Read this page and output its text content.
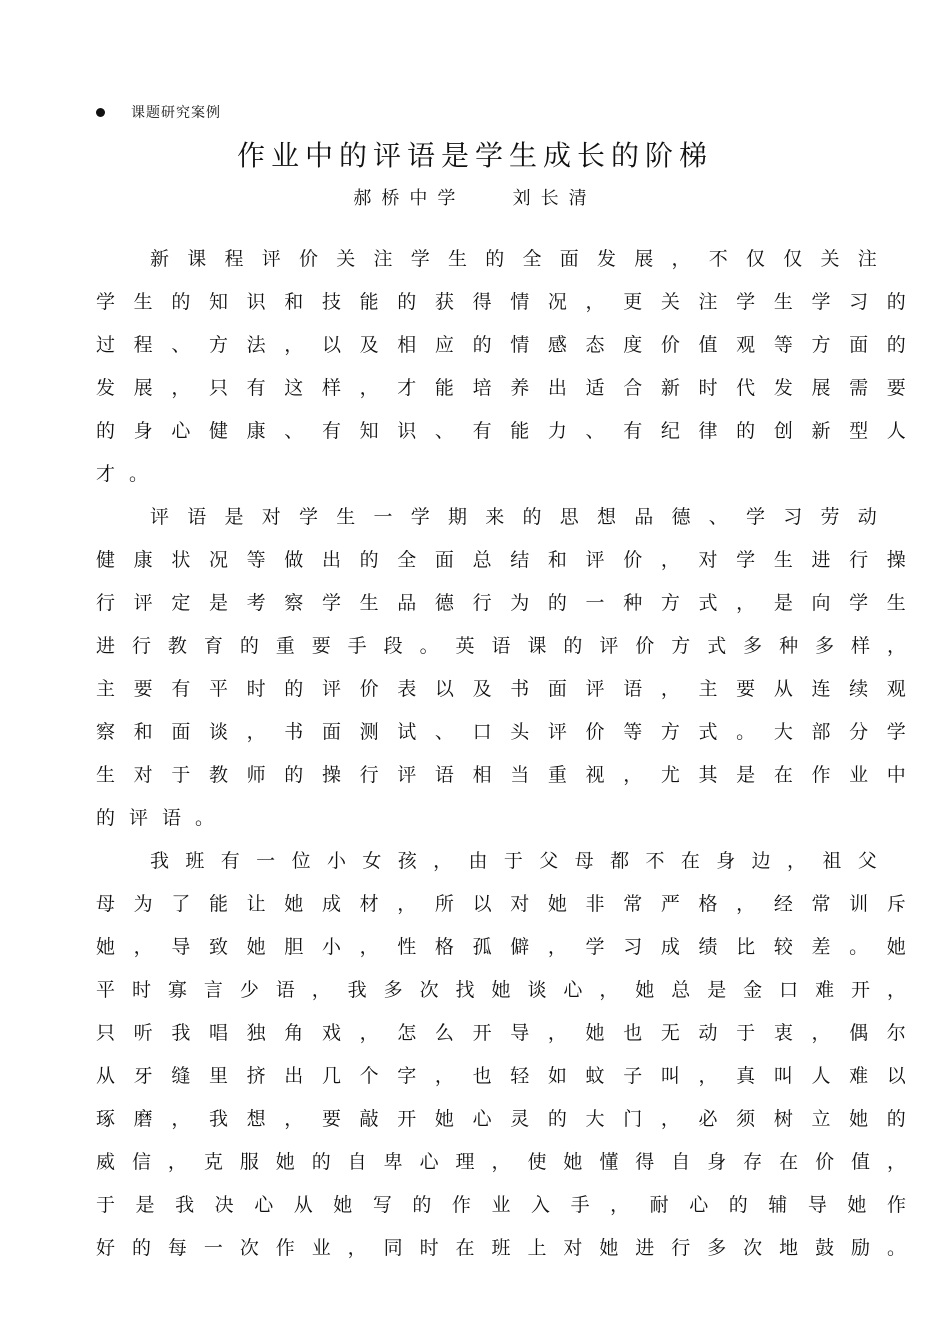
课题研究案例
作业中的评语是学生成长的阶梯
郝桥中学   刘长清
新 课 程 评 价 关 注 学 生 的 全 面 发 展 ， 不 仅 仅 关 注
学 生 的 知 识 和 技 能 的 获 得 情 况 ， 更 关 注 学 生 学 习 的
过 程 、 方 法 ， 以 及 相 应 的 情 感 态 度 价 值 观 等 方 面 的
发 展 ， 只 有 这 样 ， 才 能 培 养 出 适 合 新 时 代 发 展 需 要
的 身 心 健 康 、 有 知 识 、 有 能 力 、 有 纪 律 的 创 新 型 人
才 。
评 语 是 对 学 生 一 学 期 来 的 思 想 品 德 、 学 习 劳 动
健 康 状 况 等 做 出 的 全 面 总 结 和 评 价 ， 对 学 生 进 行 操
行 评 定 是 考 察 学 生 品 德 行 为 的 一 种 方 式 ， 是 向 学 生
进 行 教 育 的 重 要 手 段 。 英 语 课 的 评 价 方 式 多 种 多 样 ，
主 要 有 平 时 的 评 价 表 以 及 书 面 评 语 ， 主 要 从 连 续 观
察 和 面 谈 ， 书 面 测 试 、 口 头 评 价 等 方 式 。 大 部 分 学
生 对 于 教 师 的 操 行 评 语 相 当 重 视 ， 尤 其 是 在 作 业 中
的 评 语 。
我 班 有 一 位 小 女 孩 ， 由 于 父 母 都 不 在 身 边 ， 祖 父
母 为 了 能 让 她 成 材 ， 所 以 对 她 非 常 严 格 ， 经 常 训 斥
她 ， 导 致 她 胆 小 ， 性 格 孤 僻 ， 学 习 成 绩 比 较 差 。 她
平 时 寡 言 少 语 ， 我 多 次 找 她 谈 心 ， 她 总 是 金 口 难 开 ，
只 听 我 唱 独 角 戏 ， 怎 么 开 导 ， 她 也 无 动 于 衷 ， 偶 尔
从 牙 缝 里 挤 出 几 个 字 ， 也 轻 如 蚊 子 叫 ， 真 叫 人 难 以
琢 磨 ， 我 想 ， 要 敲 开 她 心 灵 的 大 门 ， 必 须 树 立 她 的
威 信 ， 克 服 她 的 自 卑 心 理 ， 使 她 懂 得 自 身 存 在 价 值 ，
于 是 我 决 心 从 她 写 的 作 业 入 手 ， 耐 心 的 辅 导 她 作
好 的 每 一 次 作 业 ， 同 时 在 班 上 对 她 进 行 多 次 地 鼓 励 。
